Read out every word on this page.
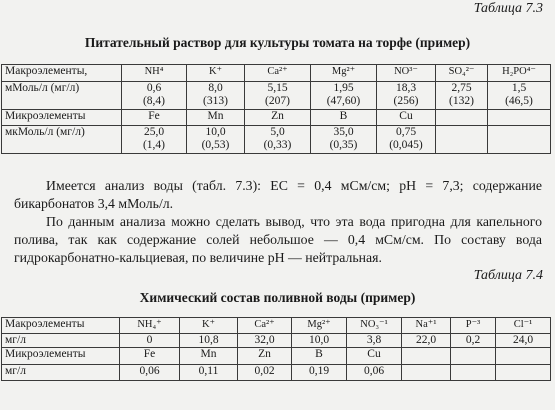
Таблица 7.3
Питательный раствор для культуры томата на торфе (пример)
Макроэлементы,	NH⁴	K⁺	Ca²⁺	Mg²⁺	NO³⁻	SO₄²⁻	H₂PO⁴⁻
мМоль/л (мг/л)	0,6	8,0	5,15	1,95	18,3	2,75	1,5
	(8,4)	(313)	(207)	(47,60)	(256)	(132)	(46,5)
Микроэлементы	Fe	Mn	Zn	B	Cu		
мкМоль/л (мг/л)	25,0	10,0	5,0	35,0	0,75		
	(1,4)	(0,53)	(0,33)	(0,35)	(0,045)		
Имеется анализ воды (табл. 7.3): ЕС = 0,4 мСм/см; рН = 7,3; содержание бикарбонатов 3,4 мМоль/л.
По данным анализа можно сделать вывод, что эта вода пригодна для капельного полива, так как содержание солей небольшое — 0,4 мСм/см. По составу вода гидрокарбонатно-кальциевая, по величине рН — нейтральная.
Таблица 7.4
Химический состав поливной воды (пример)
Макроэлементы	NH₄⁺	K⁺	Ca²⁺	Mg²⁺	NO₃⁻¹	Na⁺¹	P⁻³	Cl⁻¹
мг/л	0	10,8	32,0	10,0	3,8	22,0	0,2	24,0
Микроэлементы	Fe	Mn	Zn	B	Cu			
мг/л	0,06	0,11	0,02	0,19	0,06			
